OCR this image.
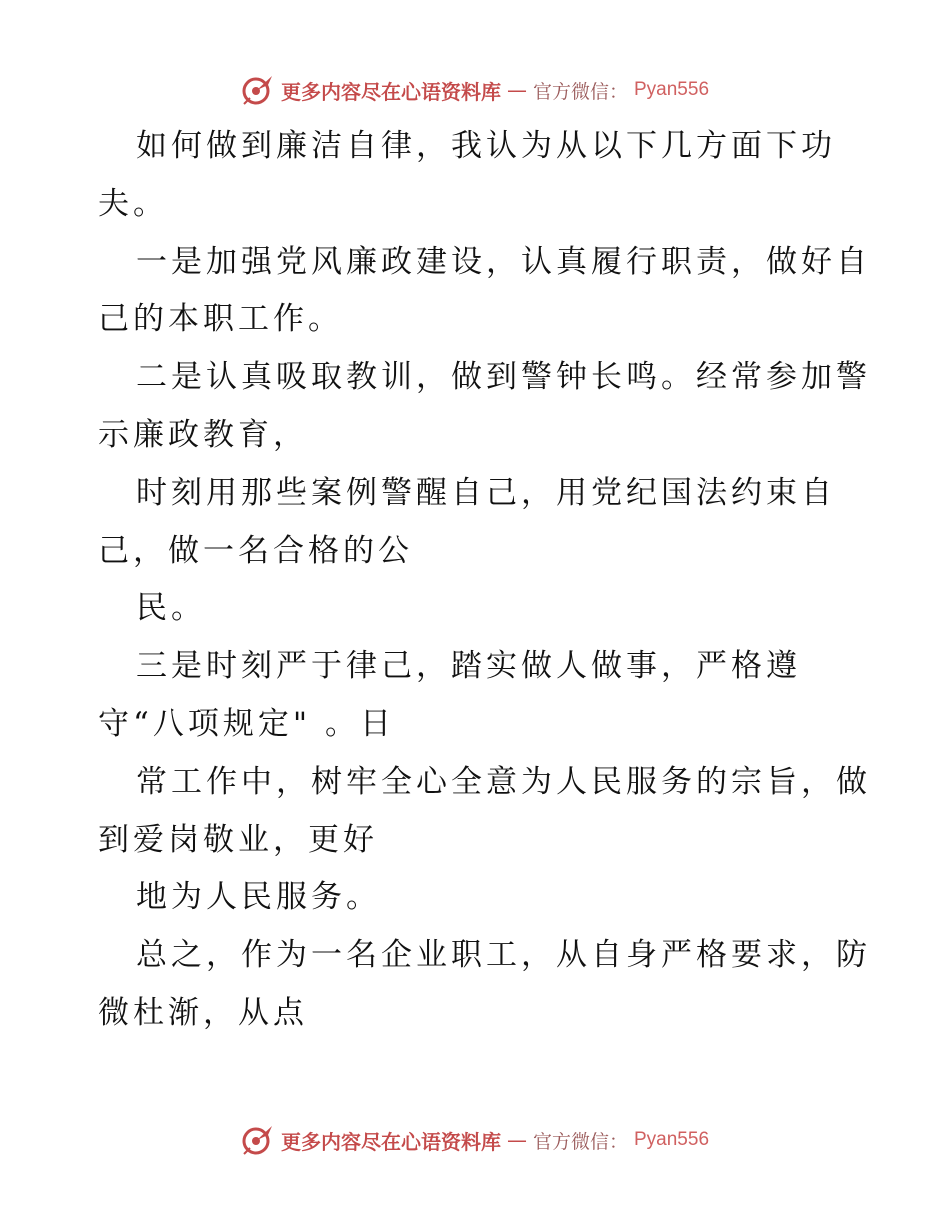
更多内容尽在心语资料库 — 官方微信： Pyan556
如何做到廉洁自律，我认为从以下几方面下功
夫。
一是加强党风廉政建设，认真履行职责，做好自
己的本职工作。
二是认真吸取教训，做到警钟长鸣。经常参加警
示廉政教育，
时刻用那些案例警醒自己，用党纪国法约束自
己，做一名合格的公
民。
三是时刻严于律己，踏实做人做事，严格遵
守“八项规定" 。日
常工作中，树牢全心全意为人民服务的宗旨，做
到爱岗敬业，更好
地为人民服务。
总之，作为一名企业职工，从自身严格要求，防
微杜渐，从点
更多内容尽在心语资料库 — 官方微信： Pyan556
